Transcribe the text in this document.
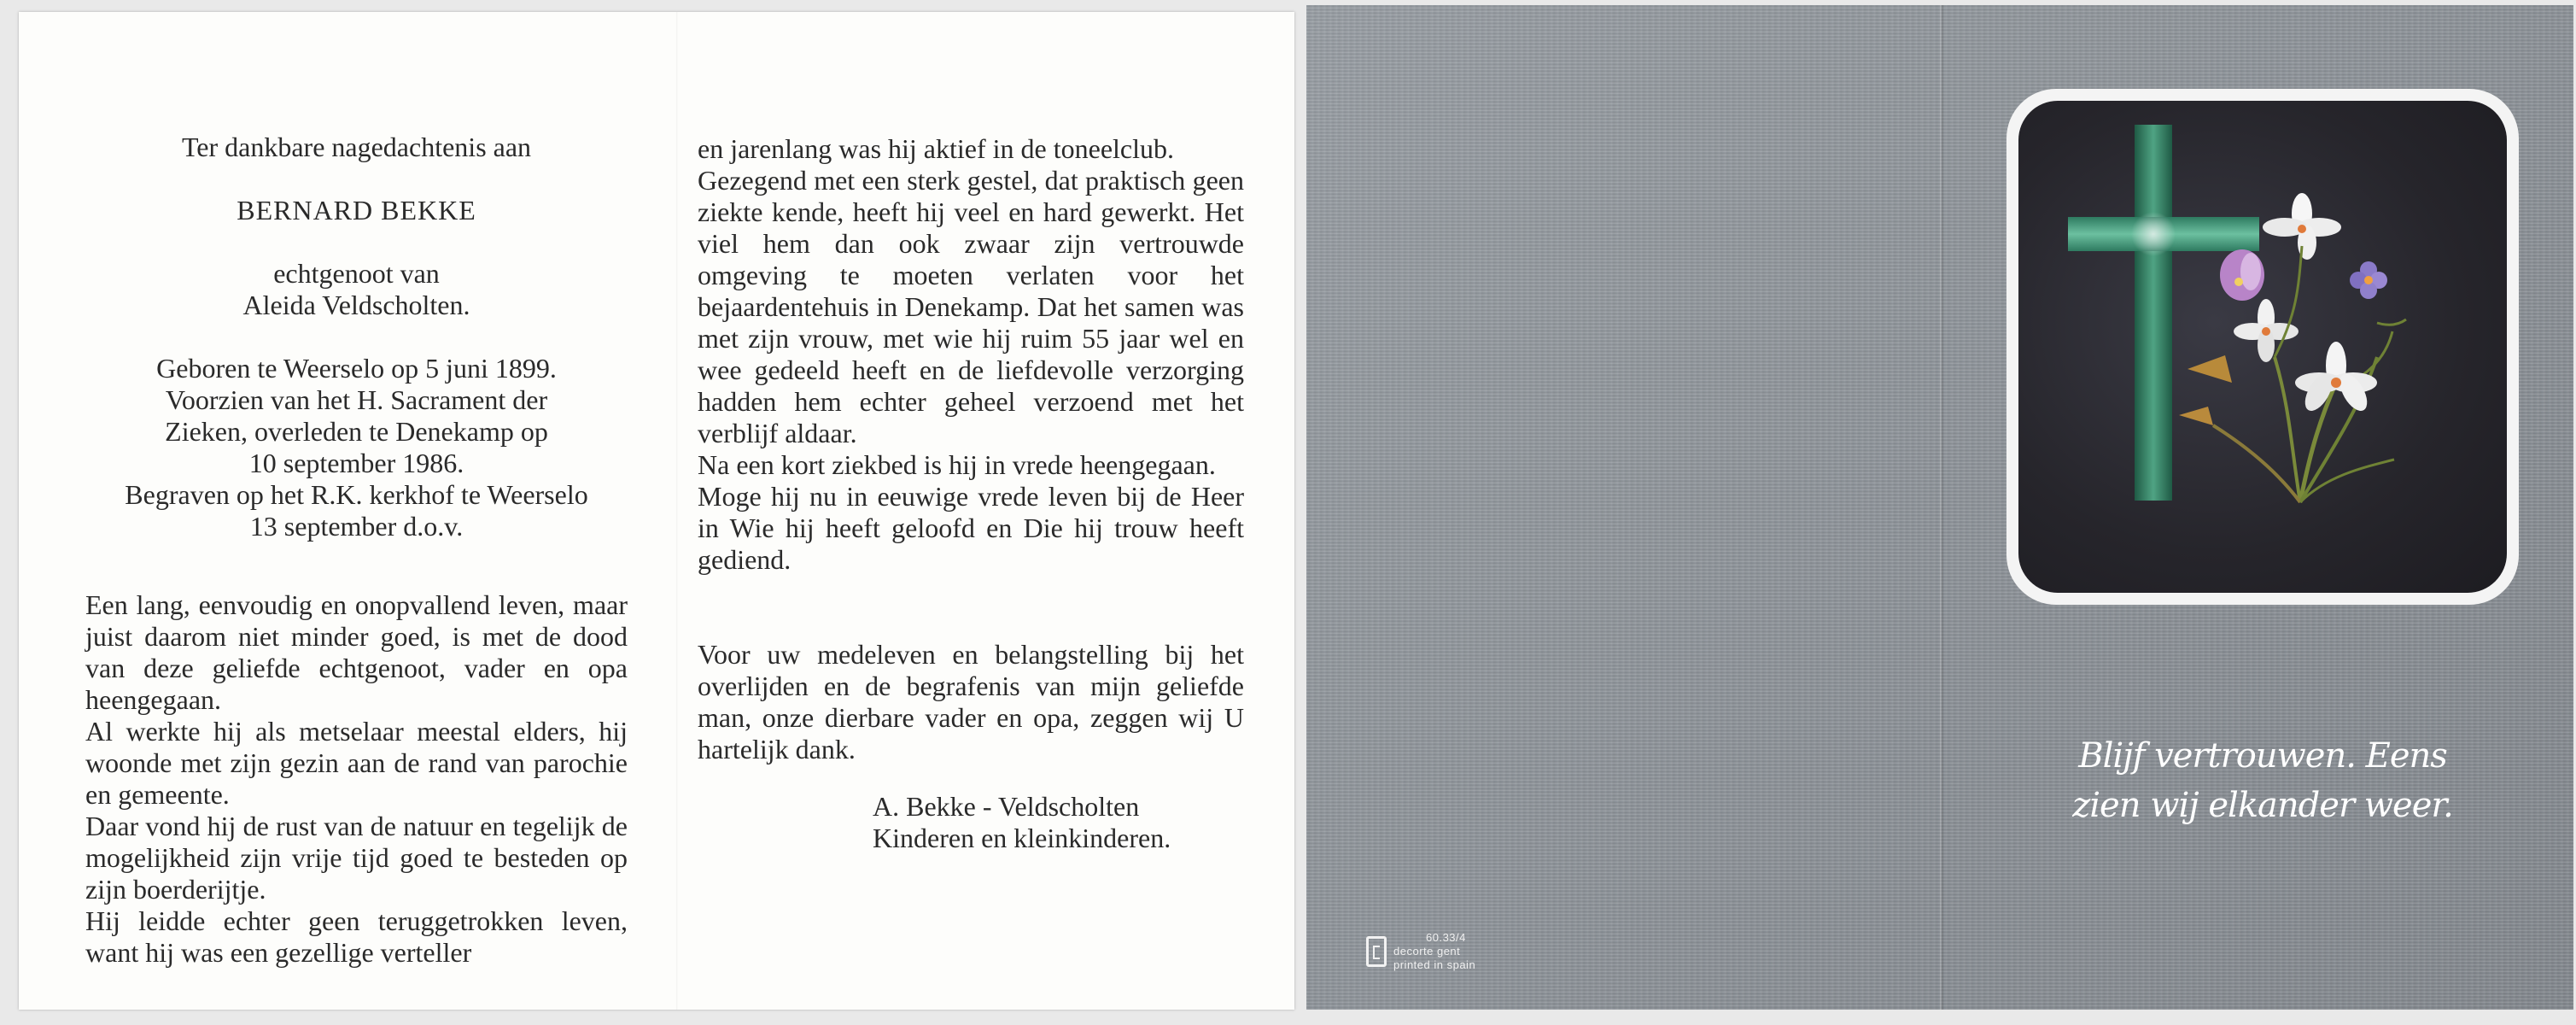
Ter dankbare nagedachtenis aan

BERNARD BEKKE

echtgenoot van

Aleida Veldscholten.

Geboren te Weerselo op 5 juni 1899.

Voorzien van het H. Sacrament der

Zieken, overleden te Denekamp op

10 september 1986.

Begraven op het R.K. kerkhof te Weerselo

13 september d.o.v.

Een lang, eenvoudig en onopvallend leven, maar juist daarom niet minder goed, is met de dood van deze geliefde echtgenoot, vader en opa heengegaan.

Al werkte hij als metselaar meestal elders, hij woonde met zijn gezin aan de rand van parochie en gemeente.

Daar vond hij de rust van de natuur en tegelijk de mogelijkheid zijn vrije tijd goed te besteden op zijn boerderijtje.

Hij leidde echter geen teruggetrokken leven, want hij was een gezellige verteller

en jarenlang was hij aktief in de toneelclub.

Gezegend met een sterk gestel, dat praktisch geen ziekte kende, heeft hij veel en hard gewerkt. Het viel hem dan ook zwaar zijn vertrouwde omgeving te moeten verlaten voor het bejaardentehuis in Denekamp. Dat het samen was met zijn vrouw, met wie hij ruim 55 jaar wel en wee gedeeld heeft en de liefdevolle verzorging hadden hem echter geheel verzoend met het verblijf aldaar.

Na een kort ziekbed is hij in vrede heengegaan.

Moge hij nu in eeuwige vrede leven bij de Heer in Wie hij heeft geloofd en Die hij trouw heeft gediend.

Voor uw medeleven en belangstelling bij het overlijden en de begrafenis van mijn geliefde man, onze dierbare vader en opa, zeggen wij U hartelijk dank.

A. Bekke - Veldscholten

Kinderen en kleinkinderen.

Blijf vertrouwen. Eens
zien wij elkander weer.
60.33/4
decorte gent
printed in spain
